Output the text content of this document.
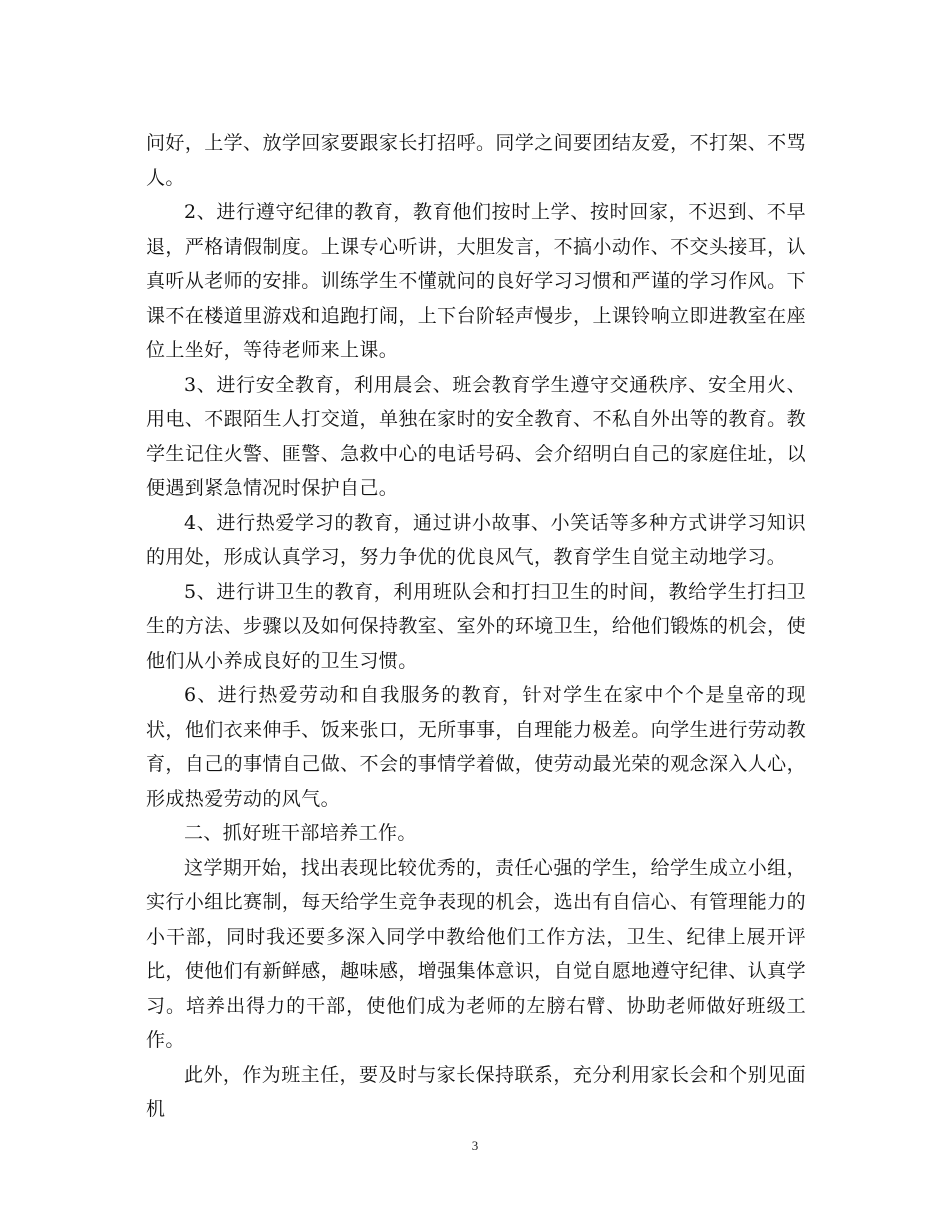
问好，上学、放学回家要跟家长打招呼。同学之间要团结友爱，不打架、不骂人。

2、进行遵守纪律的教育，教育他们按时上学、按时回家，不迟到、不早退，严格请假制度。上课专心听讲，大胆发言，不搞小动作、不交头接耳，认真听从老师的安排。训练学生不懂就问的良好学习习惯和严谨的学习作风。下课不在楼道里游戏和追跑打闹，上下台阶轻声慢步，上课铃响立即进教室在座位上坐好，等待老师来上课。

3、进行安全教育，利用晨会、班会教育学生遵守交通秩序、安全用火、用电、不跟陌生人打交道，单独在家时的安全教育、不私自外出等的教育。教学生记住火警、匪警、急救中心的电话号码、会介绍明白自己的家庭住址，以便遇到紧急情况时保护自己。

4、进行热爱学习的教育，通过讲小故事、小笑话等多种方式讲学习知识的用处，形成认真学习，努力争优的优良风气，教育学生自觉主动地学习。

5、进行讲卫生的教育，利用班队会和打扫卫生的时间，教给学生打扫卫生的方法、步骤以及如何保持教室、室外的环境卫生，给他们锻炼的机会，使他们从小养成良好的卫生习惯。

6、进行热爱劳动和自我服务的教育，针对学生在家中个个是皇帝的现状，他们衣来伸手、饭来张口，无所事事，自理能力极差。向学生进行劳动教育，自己的事情自己做、不会的事情学着做，使劳动最光荣的观念深入人心，形成热爱劳动的风气。

二、抓好班干部培养工作。

这学期开始，找出表现比较优秀的，责任心强的学生，给学生成立小组，实行小组比赛制，每天给学生竞争表现的机会，选出有自信心、有管理能力的小干部，同时我还要多深入同学中教给他们工作方法，卫生、纪律上展开评比，使他们有新鲜感，趣味感，增强集体意识，自觉自愿地遵守纪律、认真学习。培养出得力的干部，使他们成为老师的左膀右臂、协助老师做好班级工作。

此外，作为班主任，要及时与家长保持联系，充分利用家长会和个别见面机

3
